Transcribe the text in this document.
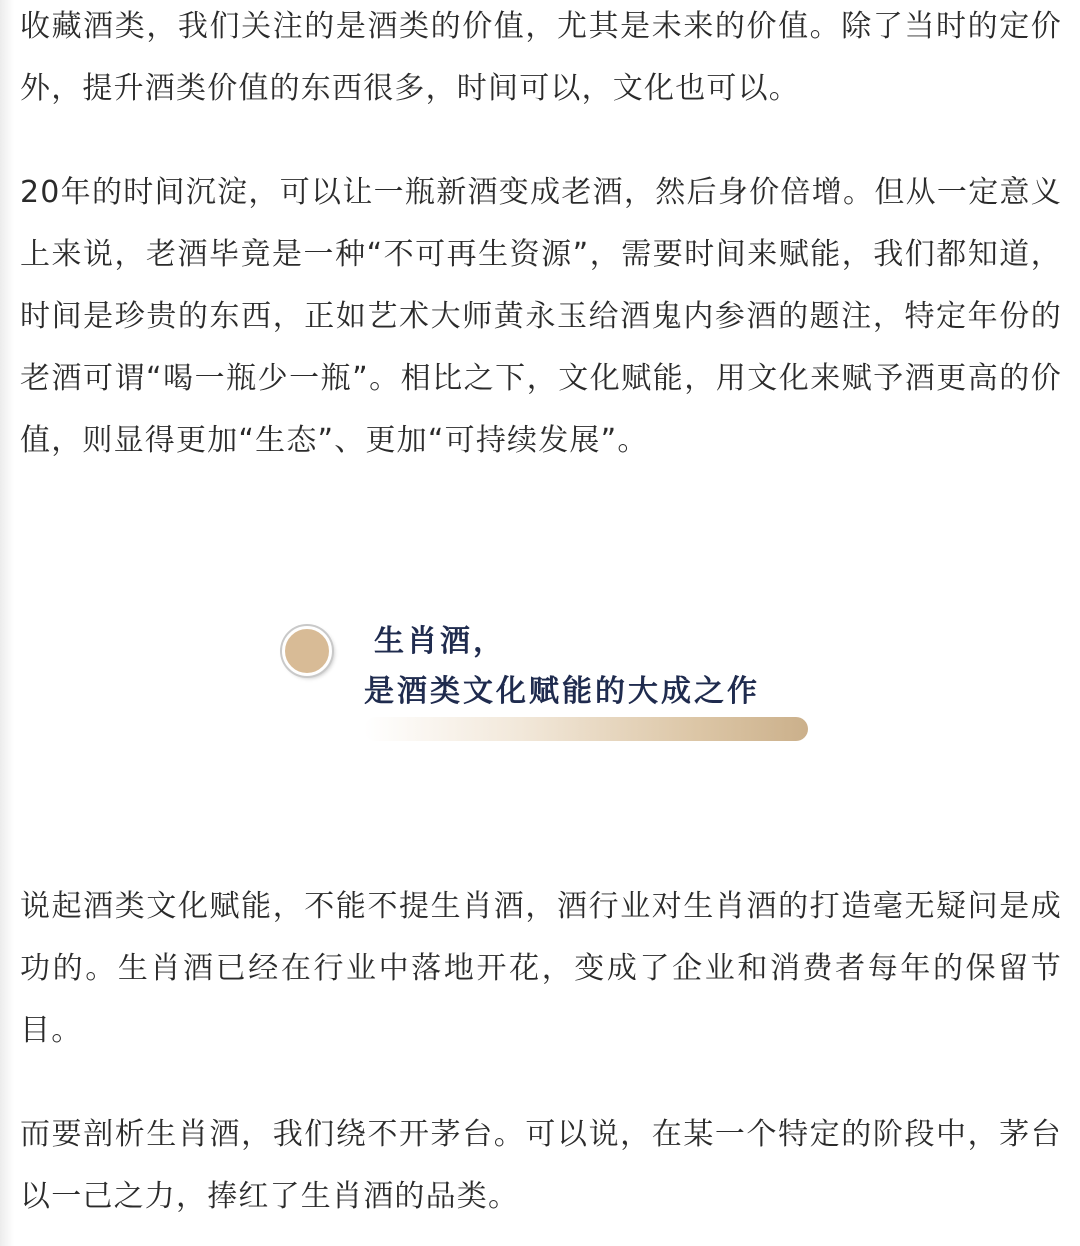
收藏酒类，我们关注的是酒类的价值，尤其是未来的价值。除了当时的定价外，提升酒类价值的东西很多，时间可以，文化也可以。

20年的时间沉淀，可以让一瓶新酒变成老酒，然后身价倍增。但从一定意义上来说，老酒毕竟是一种“不可再生资源”，需要时间来赋能，我们都知道，时间是珍贵的东西，正如艺术大师黄永玉给酒鬼内参酒的题注，特定年份的老酒可谓“喝一瓶少一瓶”。相比之下，文化赋能，用文化来赋予酒更高的价值，则显得更加“生态”、更加“可持续发展”。

说起酒类文化赋能，不能不提生肖酒，酒行业对生肖酒的打造毫无疑问是成功的。生肖酒已经在行业中落地开花，变成了企业和消费者每年的保留节目。

而要剖析生肖酒，我们绕不开茅台。可以说，在某一个特定的阶段中，茅台以一己之力，捧红了生肖酒的品类。

生肖酒，
是酒类文化赋能的大成之作
